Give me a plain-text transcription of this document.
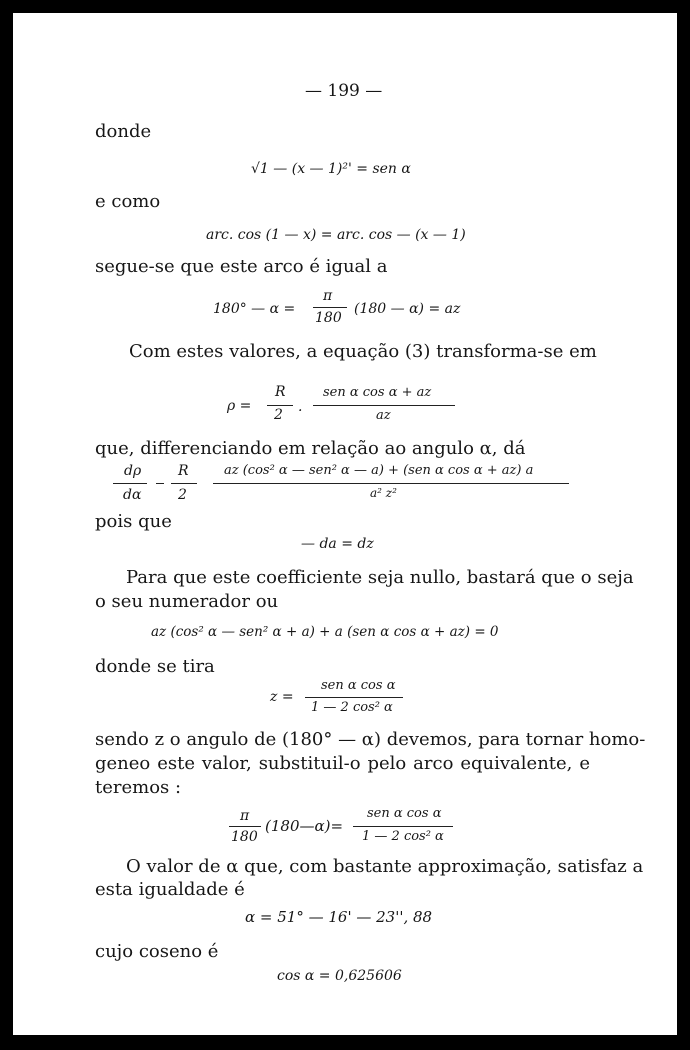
— 199 —
donde
√1 — (x — 1)²' = sen α
e como
arc. cos (1 — x) = arc. cos — (x — 1)
segue-se que este arco é igual a
180° — α =
π
180
(180 — α) = az
Com estes valores, a equação (3) transforma-se em
ρ =
R
2 .
sen α cos α + az
az
que, differenciando em relação ao angulo α, dá
dρ
dα
R
2
az (cos² α — sen² α — a) + (sen α cos α + az) a
a² z²
pois que
— da = dz
Para que este coefficiente seja nullo, bastará que o seja
o seu numerador ou
az (cos² α — sen² α + a) + a (sen α cos α + az) = 0
donde se tira
z =
sen α cos α
1 — 2 cos² α
sendo z o angulo de (180° — α) devemos, para tornar homo-
geneo este valor, substituil-o pelo arco equivalente, e
teremos :
π
180
(180—α)=
sen α cos α
1 — 2 cos² α
O valor de α que, com bastante approximação, satisfaz a
esta igualdade é
α = 51° — 16' — 23'', 88
cujo coseno é
cos α = 0,625606
